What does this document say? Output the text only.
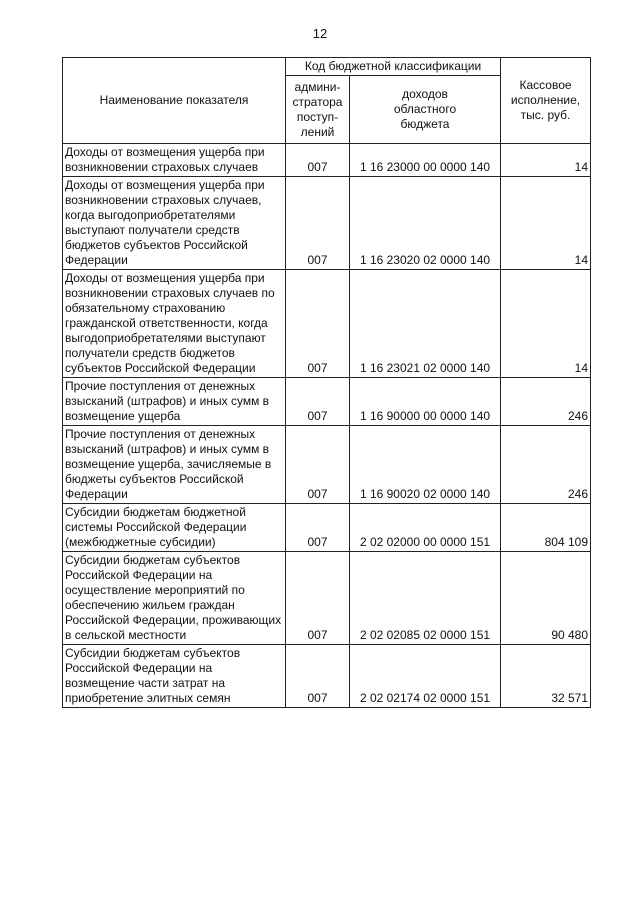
12
Наименование показателя	Код бюджетной классификации		Кассовое
исполнение,
тыс. руб.
	админи-
стратора
поступ-
лений	доходов
областного
бюджета	
Доходы от возмещения ущерба при возникновении страховых случаев	007	1 16 23000 00 0000 140	14
Доходы от возмещения ущерба при возникновении страховых случаев, когда выгодоприобретателями выступают получатели средств бюджетов субъектов Российской Федерации	007	1 16 23020 02 0000 140	14
Доходы от возмещения ущерба при возникновении страховых случаев по обязательному страхованию гражданской ответственности, когда выгодоприобретателями выступают получатели средств бюджетов субъектов Российской Федерации	007	1 16 23021 02 0000 140	14
Прочие поступления от денежных взысканий (штрафов) и иных сумм в возмещение ущерба	007	1 16 90000 00 0000 140	246
Прочие поступления от денежных взысканий (штрафов) и иных сумм в возмещение ущерба, зачисляемые в бюджеты субъектов Российской Федерации	007	1 16 90020 02 0000 140	246
Субсидии бюджетам бюджетной системы Российской Федерации (межбюджетные субсидии)	007	2 02 02000 00 0000 151	804 109
Субсидии бюджетам субъектов Российской Федерации на осуществление мероприятий по обеспечению жильем граждан Российской Федерации, проживающих в сельской местности	007	2 02 02085 02 0000 151	90 480
Субсидии бюджетам субъектов Российской Федерации на возмещение части затрат на приобретение элитных семян	007	2 02 02174 02 0000 151	32 571
